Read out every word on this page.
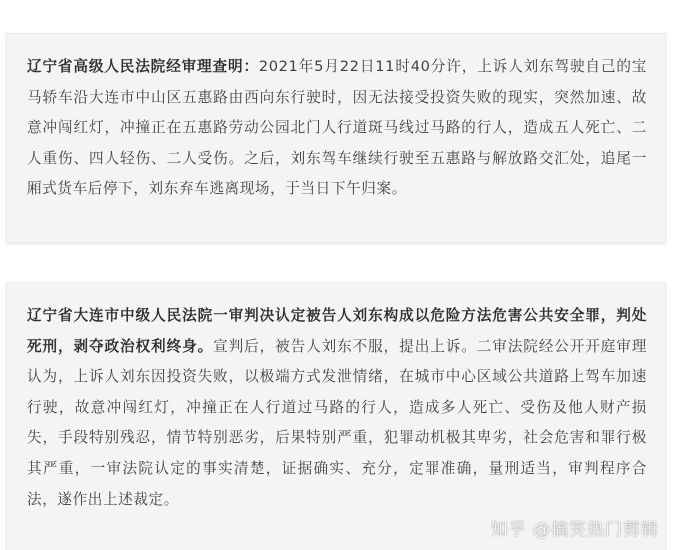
辽宁省高级人民法院经审理查明：2021年5月22日11时40分许，上诉人刘东驾驶自己的宝马轿车沿大连市中山区五惠路由西向东行驶时，因无法接受投资失败的现实，突然加速、故意冲闯红灯，冲撞正在五惠路劳动公园北门人行道斑马线过马路的行人，造成五人死亡、二人重伤、四人轻伤、二人受伤。之后，刘东驾车继续行驶至五惠路与解放路交汇处，追尾一厢式货车后停下，刘东弃车逃离现场，于当日下午归案。
辽宁省大连市中级人民法院一审判决认定被告人刘东构成以危险方法危害公共安全罪，判处死刑，剥夺政治权利终身。宣判后，被告人刘东不服，提出上诉。二审法院经公开开庭审理认为，上诉人刘东因投资失败，以极端方式发泄情绪，在城市中心区域公共道路上驾车加速行驶，故意冲闯红灯，冲撞正在人行道过马路的行人，造成多人死亡、受伤及他人财产损失，手段特别残忍，情节特别恶劣，后果特别严重，犯罪动机极其卑劣，社会危害和罪行极其严重，一审法院认定的事实清楚，证据确实、充分，定罪准确，量刑适当，审判程序合法，遂作出上述裁定。
知乎 @搞笑热门剪辑
